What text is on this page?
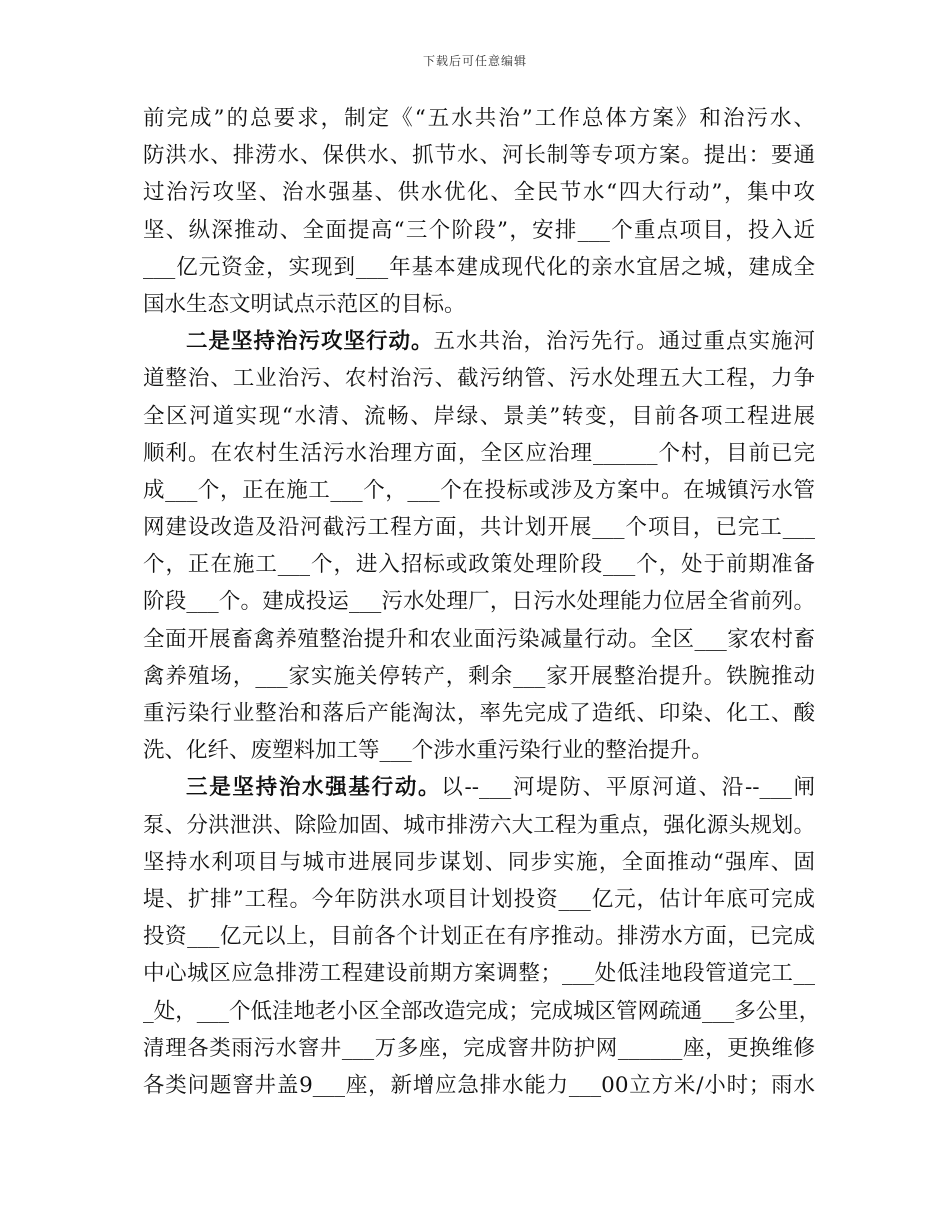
下载后可任意编辑
前完成”的总要求，制定《“五水共治”工作总体方案》和治污水、
防洪水、排涝水、保供水、抓节水、河长制等专项方案。提出：要通
过治污攻坚、治水强基、供水优化、全民节水“四大行动”，集中攻
坚、纵深推动、全面提高“三个阶段”，安排___个重点项目，投入近
___亿元资金，实现到___年基本建成现代化的亲水宜居之城，建成全
国水生态文明试点示范区的目标。
二是坚持治污攻坚行动。五水共治，治污先行。通过重点实施河
道整治、工业治污、农村治污、截污纳管、污水处理五大工程，力争
全区河道实现“水清、流畅、岸绿、景美”转变，目前各项工程进展
顺利。在农村生活污水治理方面，全区应治理______个村，目前已完
成___个，正在施工___个，___个在投标或涉及方案中。在城镇污水管
网建设改造及沿河截污工程方面，共计划开展___个项目，已完工___
个，正在施工___个，进入招标或政策处理阶段___个，处于前期准备
阶段___个。建成投运___污水处理厂，日污水处理能力位居全省前列。
全面开展畜禽养殖整治提升和农业面污染减量行动。全区___家农村畜
禽养殖场，___家实施关停转产，剩余___家开展整治提升。铁腕推动
重污染行业整治和落后产能淘汰，率先完成了造纸、印染、化工、酸
洗、化纤、废塑料加工等___个涉水重污染行业的整治提升。
三是坚持治水强基行动。以--___河堤防、平原河道、沿--___闸
泵、分洪泄洪、除险加固、城市排涝六大工程为重点，强化源头规划。
坚持水利项目与城市进展同步谋划、同步实施，全面推动“强库、固
堤、扩排”工程。今年防洪水项目计划投资___亿元，估计年底可完成
投资___亿元以上，目前各个计划正在有序推动。排涝水方面，已完成
中心城区应急排涝工程建设前期方案调整；___处低洼地段管道完工__
_处，___个低洼地老小区全部改造完成；完成城区管网疏通___多公里，
清理各类雨污水窨井___万多座，完成窨井防护网______座，更换维修
各类问题窨井盖9___座，新增应急排水能力___00立方米/小时；雨水
